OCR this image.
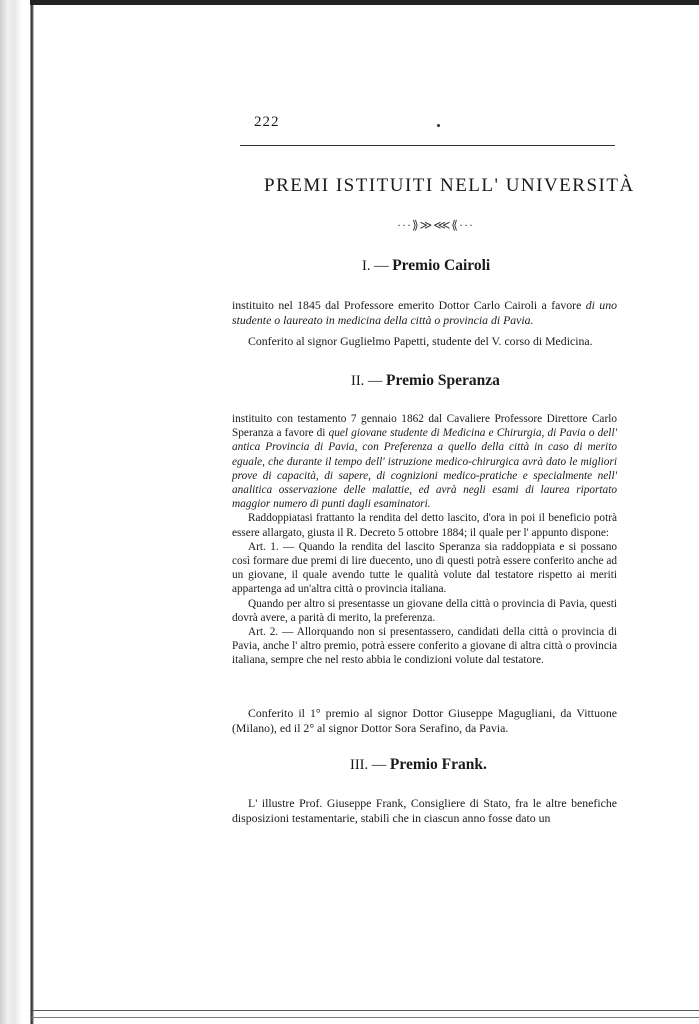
222
PREMI ISTITUITI NELL' UNIVERSITÀ
···⟫≫⋘⟪···
I. — Premio Cairoli

instituito nel 1845 dal Professore emerito Dottor Carlo Cairoli a favore di uno studente o laureato in medicina della città o provincia di Pavia.

Conferito al signor Guglielmo Papetti, studente del V. corso di Medicina.

II. — Premio Speranza

instituito con testamento 7 gennaio 1862 dal Cavaliere Professore Direttore Carlo Speranza a favore di quel giovane studente di Medicina e Chirurgia, di Pavia o dell' antica Provincia di Pavia, con Preferenza a quello della città in caso di merito eguale, che durante il tempo dell' istruzione medico-chirurgica avrà dato le migliori prove di capacità, di sapere, di cognizioni medico-pratiche e specialmente nell' analitica osservazione delle malattie, ed avrà negli esami di laurea riportato maggior numero di punti dagli esaminatori.

Raddoppiatasi frattanto la rendita del detto lascito, d'ora in poi il beneficio potrà essere allargato, giusta il R. Decreto 5 ottobre 1884; il quale per l' appunto dispone:

Art. 1. — Quando la rendita del lascito Speranza sia raddoppiata e si possano così formare due premi di lire duecento, uno di questi potrà essere conferito anche ad un giovane, il quale avendo tutte le qualità volute dal testatore rispetto ai meriti appartenga ad un'altra città o provincia italiana.

Quando per altro si presentasse un giovane della città o provincia di Pavia, questi dovrà avere, a parità di merito, la preferenza.

Art. 2. — Allorquando non si presentassero, candidati della città o provincia di Pavia, anche l' altro premio, potrà essere conferito a giovane di altra città o provincia italiana, sempre che nel resto abbia le condizioni volute dal testatore.

Conferito il 1° premio al signor Dottor Giuseppe Magugliani, da Vittuone (Milano), ed il 2° al signor Dottor Sora Serafino, da Pavia.

III. — Premio Frank.

L' illustre Prof. Giuseppe Frank, Consigliere di Stato, fra le altre benefiche disposizioni testamentarie, stabilì che in ciascun anno fosse dato un
